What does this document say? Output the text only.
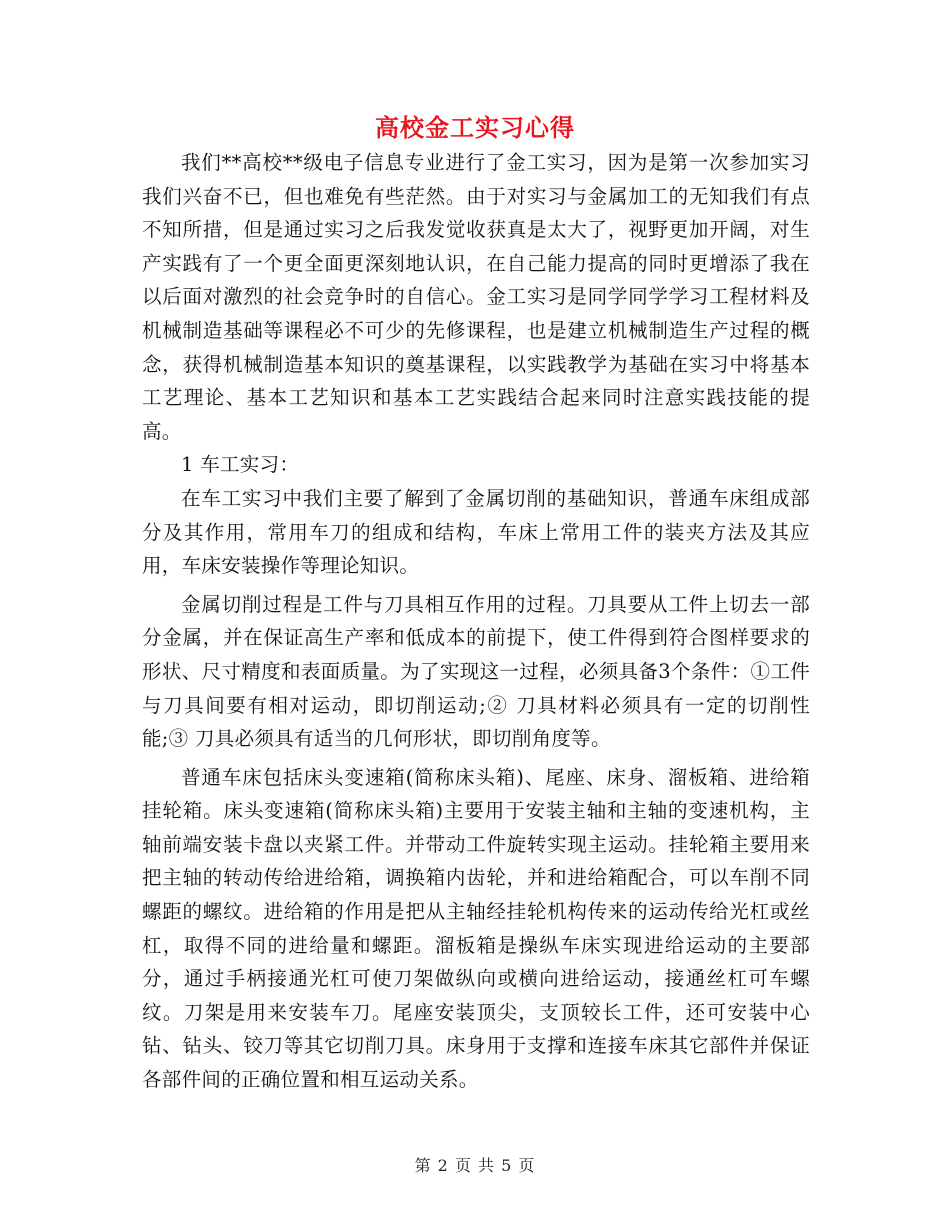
高校金工实习心得

我们**高校**级电子信息专业进行了金工实习，因为是第一次参加实习我们兴奋不已，但也难免有些茫然。由于对实习与金属加工的无知我们有点不知所措，但是通过实习之后我发觉收获真是太大了，视野更加开阔，对生产实践有了一个更全面更深刻地认识，在自己能力提高的同时更增添了我在以后面对激烈的社会竞争时的自信心。金工实习是同学同学学习工程材料及机械制造基础等课程必不可少的先修课程，也是建立机械制造生产过程的概念，获得机械制造基本知识的奠基课程，以实践教学为基础在实习中将基本工艺理论、基本工艺知识和基本工艺实践结合起来同时注意实践技能的提高。

1 车工实习：

在车工实习中我们主要了解到了金属切削的基础知识，普通车床组成部分及其作用，常用车刀的组成和结构，车床上常用工件的装夹方法及其应用，车床安装操作等理论知识。

金属切削过程是工件与刀具相互作用的过程。刀具要从工件上切去一部分金属，并在保证高生产率和低成本的前提下，使工件得到符合图样要求的形状、尺寸精度和表面质量。为了实现这一过程，必须具备3个条件：①工件与刀具间要有相对运动，即切削运动;② 刀具材料必须具有一定的切削性能;③ 刀具必须具有适当的几何形状，即切削角度等。

普通车床包括床头变速箱(简称床头箱)、尾座、床身、溜板箱、进给箱挂轮箱。床头变速箱(简称床头箱)主要用于安装主轴和主轴的变速机构，主轴前端安装卡盘以夹紧工件。并带动工件旋转实现主运动。挂轮箱主要用来把主轴的转动传给进给箱，调换箱内齿轮，并和进给箱配合，可以车削不同螺距的螺纹。进给箱的作用是把从主轴经挂轮机构传来的运动传给光杠或丝杠，取得不同的进给量和螺距。溜板箱是操纵车床实现进给运动的主要部分，通过手柄接通光杠可使刀架做纵向或横向进给运动，接通丝杠可车螺纹。刀架是用来安装车刀。尾座安装顶尖，支顶较长工件，还可安装中心钻、钻头、铰刀等其它切削刀具。床身用于支撑和连接车床其它部件并保证各部件间的正确位置和相互运动关系。

第 2 页 共 5 页
